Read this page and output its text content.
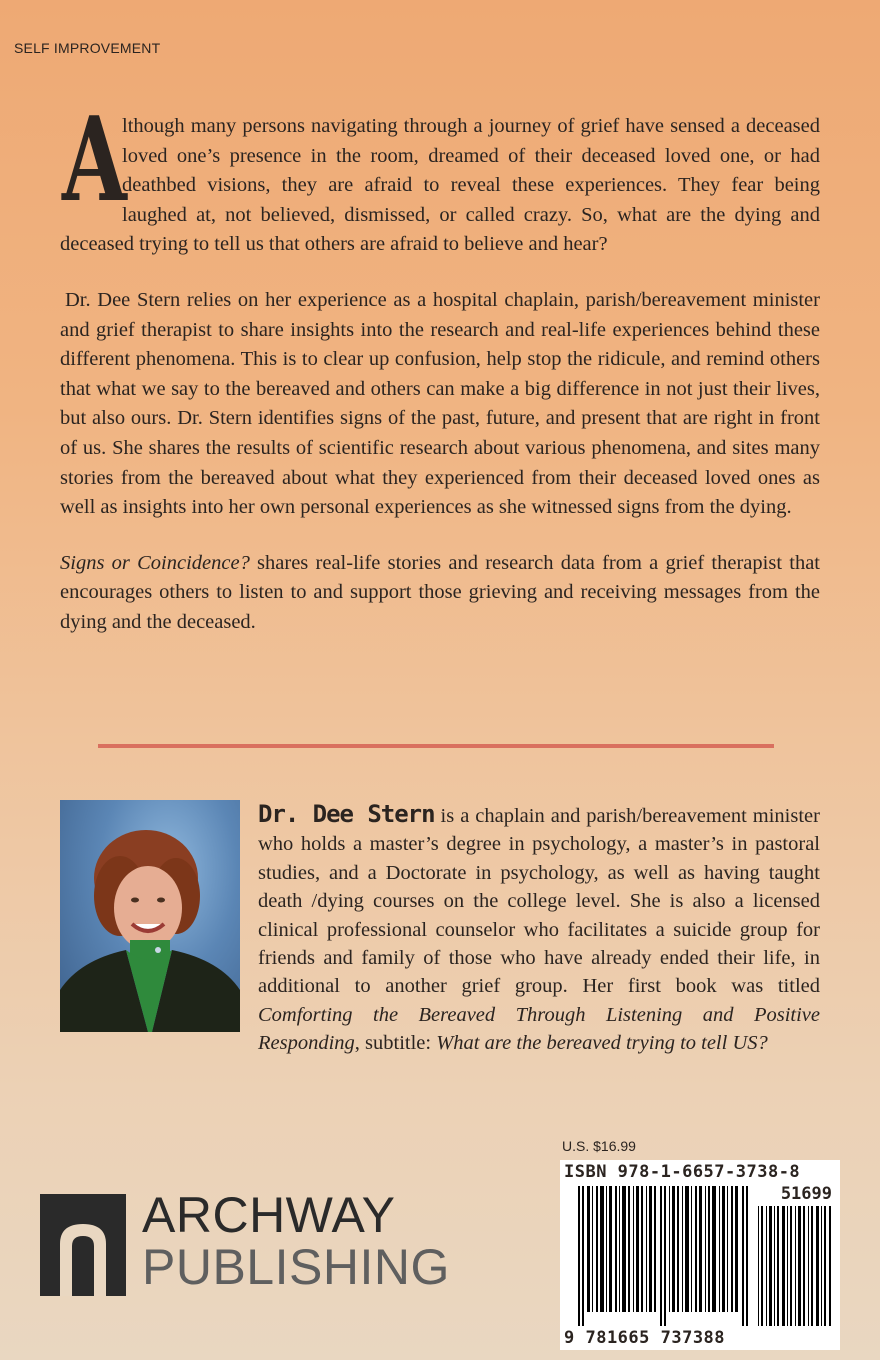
SELF IMPROVEMENT

A
lthough many persons navigating through a journey of grief have sensed a deceased loved one’s presence in the room, dreamed of their deceased loved one, or had deathbed visions, they are afraid to reveal these experiences. They fear being laughed at, not believed, dismissed, or called crazy. So, what are the dying and deceased trying to tell us that others are afraid to believe and hear?

Dr. Dee Stern relies on her experience as a hospital chaplain, parish/bereavement minister and grief therapist to share insights into the research and real-life experiences behind these different phenomena. This is to clear up confusion, help stop the ridicule, and remind others that what we say to the bereaved and others can make a big difference in not just their lives, but also ours. Dr. Stern identifies signs of the past, future, and present that are right in front of us. She shares the results of scientific research about various phenomena, and sites many stories from the bereaved about what they experienced from their deceased loved ones as well as insights into her own personal experiences as she witnessed signs from the dying.

Signs or Coincidence? shares real-life stories and research data from a grief therapist that encourages others to listen to and support those grieving and receiving messages from the dying and the deceased.

Dr. Dee Stern is a chaplain and parish/bereavement minister who holds a master’s degree in psychology, a master’s in pastoral studies, and a Doctorate in psychology, as well as having taught death /dying courses on the college level. She is also a licensed clinical professional counselor who facilitates a suicide group for friends and family of those who have already ended their life, in additional to another grief group. Her first book was titled Comforting the Bereaved Through Listening and Positive Responding, subtitle: What are the bereaved trying to tell US?
U.S. $16.99
ISBN 978-1-6657-3738-8
51699
9 781665 737388
ARCHWAY
PUBLISHING
